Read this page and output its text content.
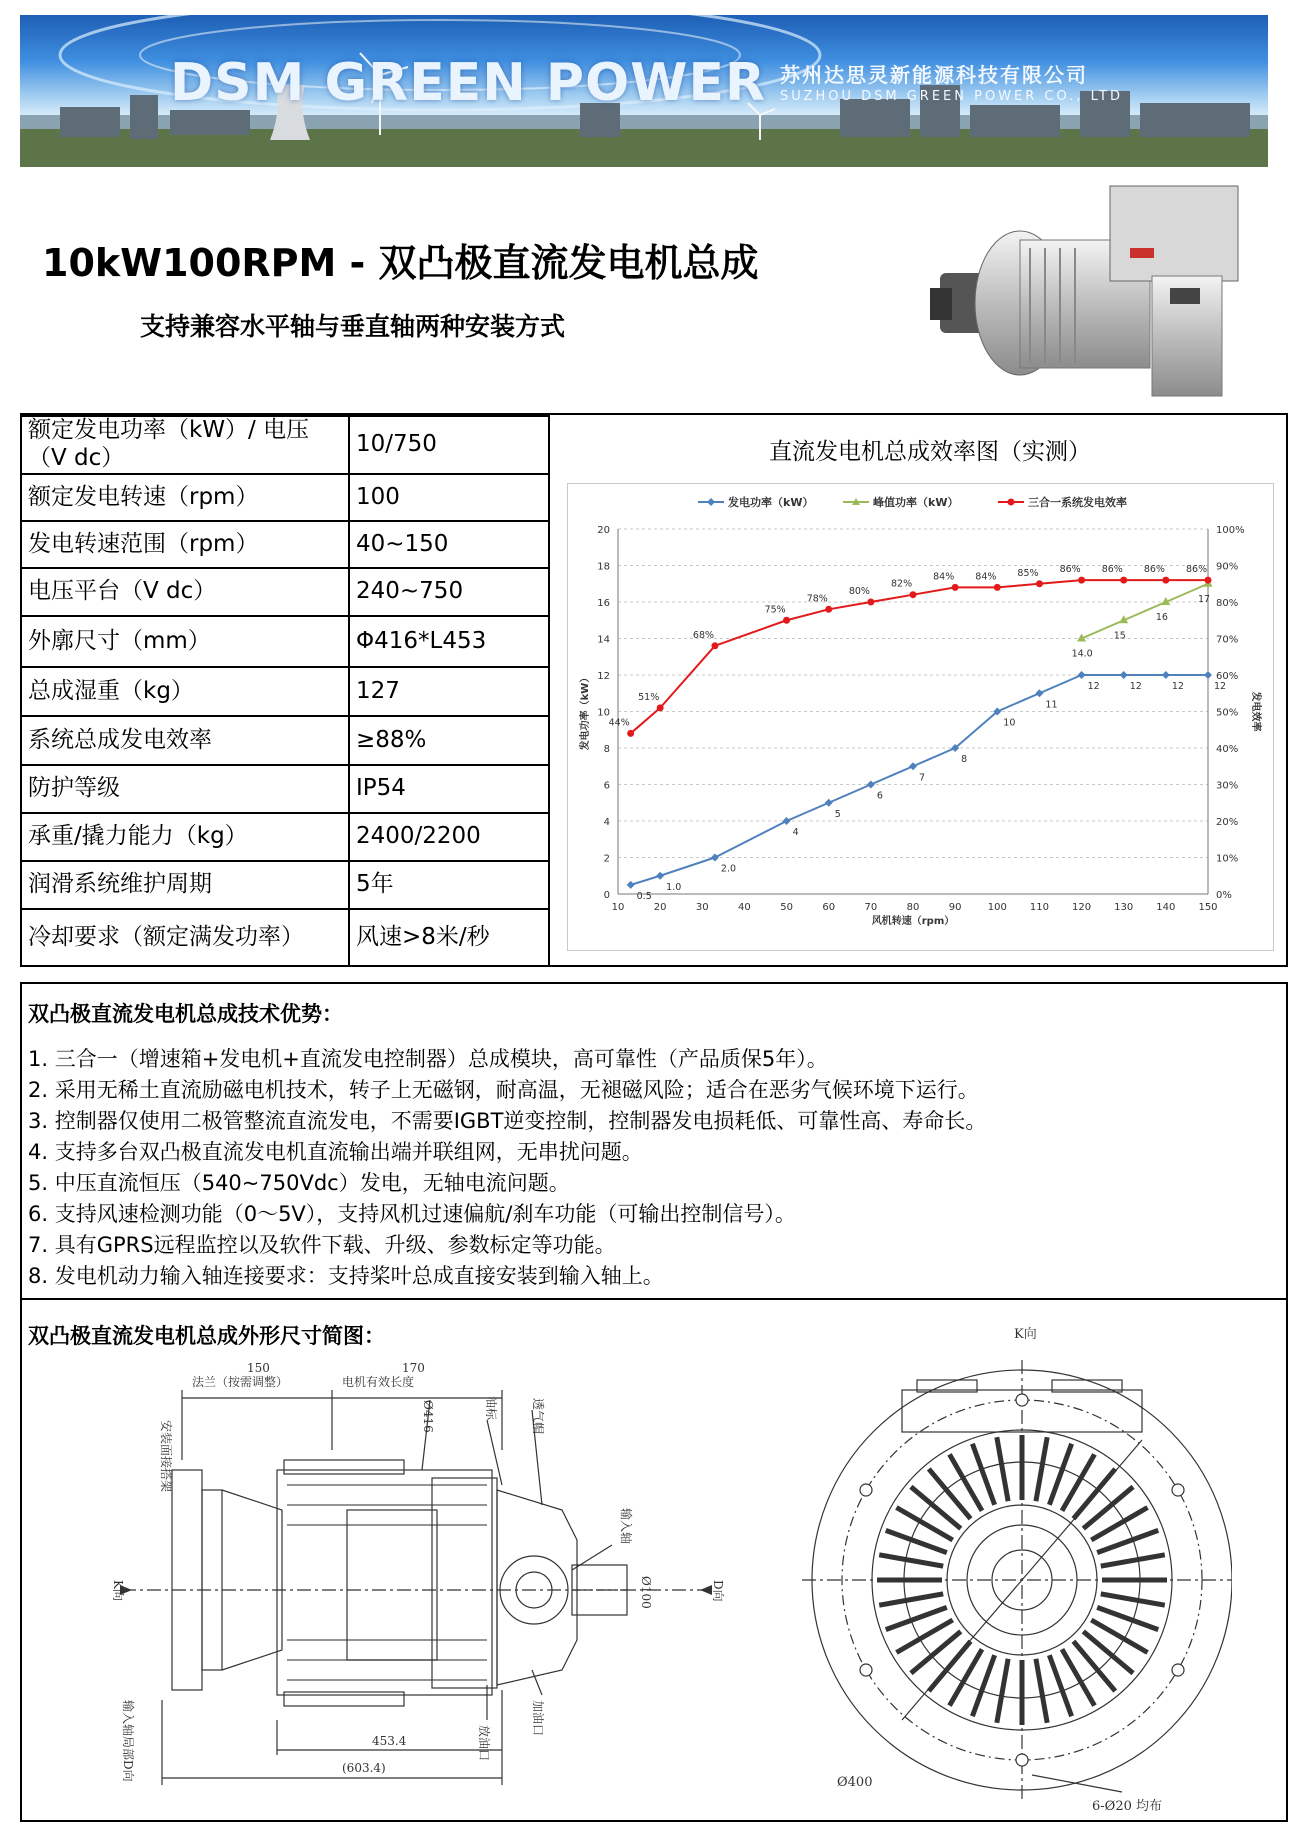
DSM GREEN POWER 苏州达思灵新能源科技有限公司
SUZHOU DSM GREEN POWER CO., LTD
10kW100RPM - 双凸极直流发电机总成
支持兼容水平轴与垂直轴两种安装方式
额定发电功率（kW）/ 电压（V dc）	10/750
额定发电转速（rpm）	100
发电转速范围（rpm）	40~150
电压平台（V dc）	240~750
外廓尺寸（mm）	Φ416*L453
总成湿重（kg）	127
系统总成发电效率	≥88%
防护等级	IP54
承重/撬力能力（kg）	2400/2200
润滑系统维护周期	5年
冷却要求（额定满发功率）	风速>8米/秒
直流发电机总成效率图（实测）
0
2
4
6
8
10
12
14
16
18
20
0%
10%
20%
30%
40%
50%
60%
70%
80%
90%
100%
10	20	30	40	50	60	70	80	90	100 110 120 130 140 150
风机转速（rpm）
发电功率（kW）	发电效率
发电功率（kW）	峰值功率（kW）	三合一系统发电效率
0.5
1.0
2.0
4
5
6
7
8
10
11
12	12	12	12
14.0
15
16
17
44%
51%
68%
75%
78%
80%
82%
84% 84% 85% 86% 86% 86% 86%
双凸极直流发电机总成技术优势：
1. 三合一（增速箱+发电机+直流发电控制器）总成模块，高可靠性（产品质保5年）。
2. 采用无稀土直流励磁电机技术，转子上无磁钢，耐高温，无褪磁风险；适合在恶劣气候环境下运行。
3. 控制器仅使用二极管整流直流发电，不需要IGBT逆变控制，控制器发电损耗低、可靠性高、寿命长。
4. 支持多台双凸极直流发电机直流输出端并联组网，无串扰问题。
5. 中压直流恒压（540~750Vdc）发电，无轴电流问题。
6. 支持风速检测功能（0～5V），支持风机过速偏航/刹车功能（可输出控制信号）。
7. 具有GPRS远程监控以及软件下载、升级、参数标定等功能。
8. 发电机动力输入轴连接要求：支持桨叶总成直接安装到输入轴上。
双凸极直流发电机总成外形尺寸简图：
150
法兰（按需调整）
170
电机有效长度
安装面接搭架
Ø416	油标	透气帽
输入轴
Ø100
K向	D向
加油口
放油口
453.4
(603.4)
输入轴局部D向
K向
Ø400
6-Ø20 均布
